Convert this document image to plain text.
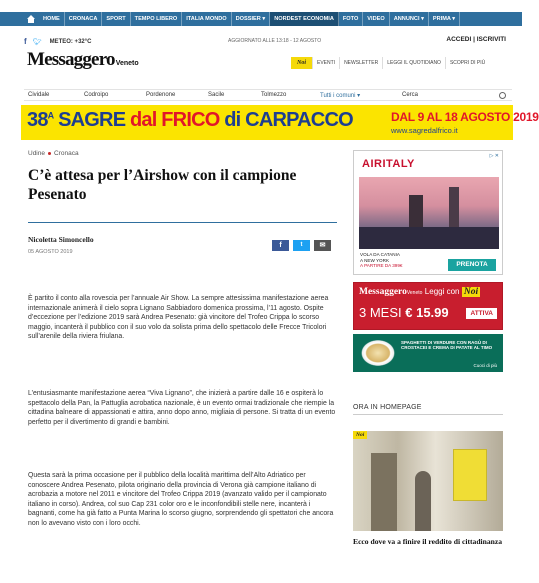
HOME	CRONACA	SPORT	TEMPO LIBERO	ITALIA MONDO	DOSSIER ▾	NORDEST ECONOMIA	FOTO	VIDEO	ANNUNCI ▾	PRIMA ▾
f 🐦︎ METEO: +32°C	AGGIORNATO ALLE 13:18 - 12 AGOSTO	ACCEDI | ISCRIVITI
MessaggeroVeneto	Noi	EVENTI	NEWSLETTER	LEGGI IL QUOTIDIANO	SCOPRI DI PIÙ
Cividale	Codroipo	Pordenone	Sacile	Tolmezzo	Tutti i comuni ▾	Cerca
$38^A$ SAGRE dal FRICO di CARPACCO	DAL 9 AL 18 AGOSTO 2019
www.sagredalfrico.it
Udine Cronaca
C’è attesa per l’Airshow con il campione Pesenato
Nicoletta Simoncello
05 AGOSTO 2019
f	t	✉

È partito il conto alla rovescia per l’annuale Air Show. La sempre attesissima manifestazione aerea internazionale animerà il cielo sopra Lignano Sabbiadoro domenica prossima, l’11 agosto. Ospite d’eccezione per l’edizione 2019 sarà Andrea Pesenato: già vincitore del Trofeo Crippa lo scorso maggio, incanterà il pubblico con il suo volo da solista prima dello spettacolo delle Frecce Tricolori sull’arenile della riviera friulana.

L’entusiasmante manifestazione aerea “Viva Lignano”, che inizierà a partire dalle 16 e ospiterà lo spettacolo della Pan, la Pattuglia acrobatica nazionale, è un evento ormai tradizionale che riempie la cittadina balneare di appassionati e attira, anno dopo anno, migliaia di persone. Si tratta di un evento perfetto per il divertimento di grandi e bambini.

Questa sarà la prima occasione per il pubblico della località marittima dell’Alto Adriatico per conoscere Andrea Pesenato, pilota originario della provincia di Verona già campione italiano di acrobazia a motore nel 2011 e vincitore del Trofeo Crippa 2019 (avanzato valido per il campionato italiano in corso). Andrea, col suo Cap 231 color oro e le inconfondibili stelle nere, incanterà i bagnanti, come ha già fatto a Punta Marina lo scorso giugno, sorprendendo gli spettatori che ancora non lo avevano visto con i loro occhi.

AIRITALY
▷ ✕
VOLA DA CATANIA
A NEW YORK
A PARTIRE DA 399€	PRENOTA
MessaggeroVeneto Leggi con Noi
3 MESI € 15.99	ATTIVA
SPAGHETTI DI VERDURE CON RAGÙ DI CROSTACEI E CREMA DI PATATE AL TIMO
Cuoci di più
ORA IN HOMEPAGE
Noi
Ecco dove va a finire il reddito di cittadinanza
